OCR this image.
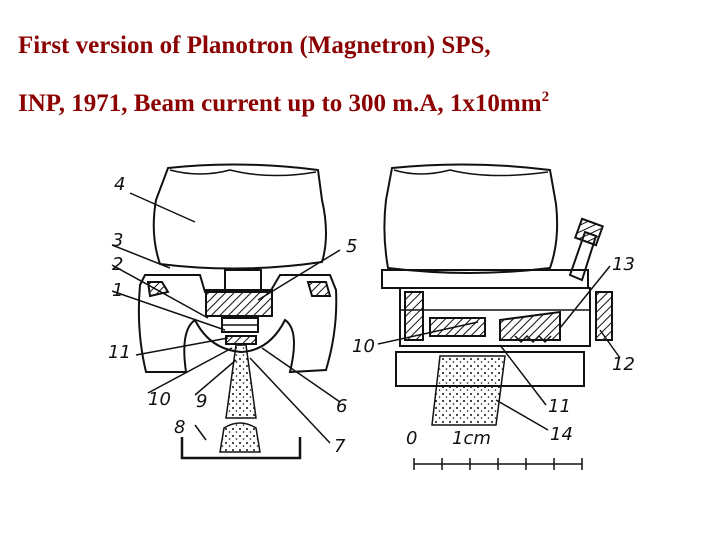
First version of Planotron (Magnetron) SPS,
INP, 1971, Beam current up to 300 m.A, $1x10mm^2$
4
3
2
1
11
10 9
8
7
6
5
13
12
11
14
10
0 1cm
